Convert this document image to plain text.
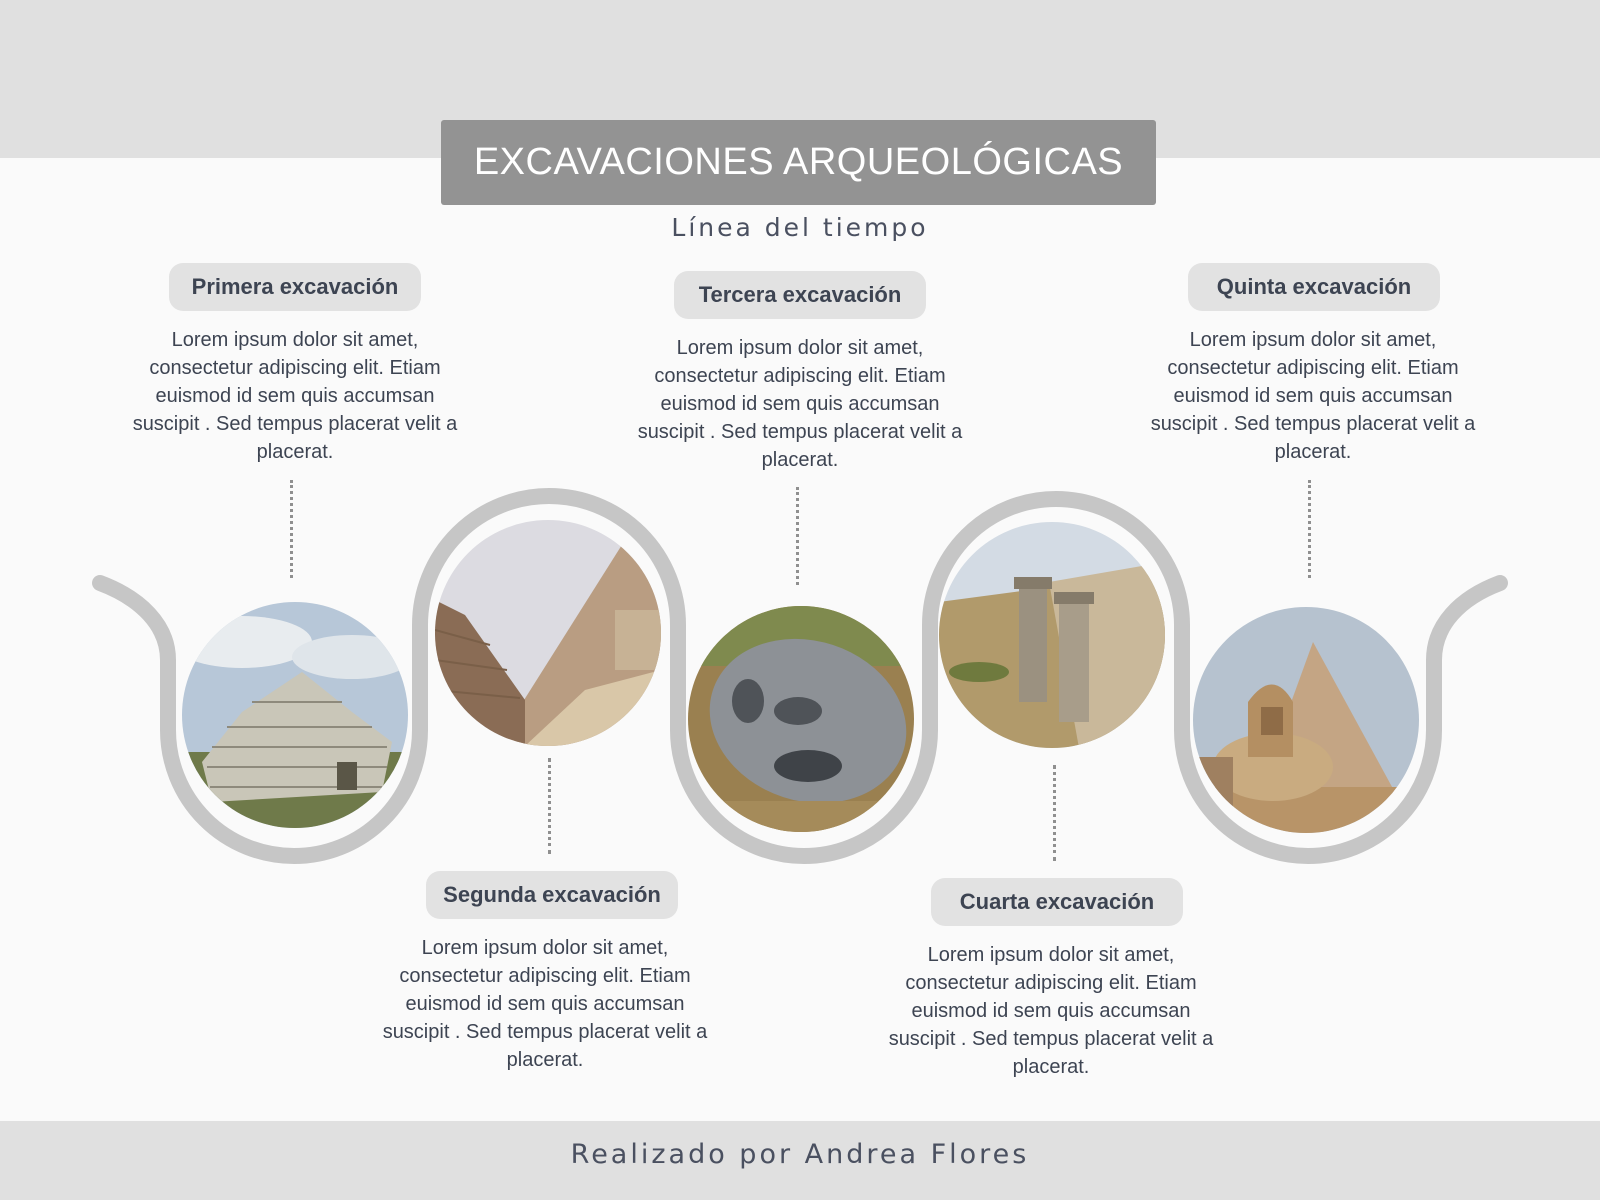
EXCAVACIONES ARQUEOLÓGICAS
Línea del tiempo
Primera excavación
Lorem ipsum dolor sit amet, consectetur adipiscing elit. Etiam euismod id sem quis accumsan suscipit . Sed tempus placerat velit a placerat.
Segunda excavación
Lorem ipsum dolor sit amet, consectetur adipiscing elit. Etiam euismod id sem quis accumsan suscipit . Sed tempus placerat velit a placerat.
Tercera excavación
Lorem ipsum dolor sit amet, consectetur adipiscing elit. Etiam euismod id sem quis accumsan suscipit . Sed tempus placerat velit a placerat.
Cuarta excavación
Lorem ipsum dolor sit amet, consectetur adipiscing elit. Etiam euismod id sem quis accumsan suscipit . Sed tempus placerat velit a placerat.
Quinta excavación
Lorem ipsum dolor sit amet, consectetur adipiscing elit. Etiam euismod id sem quis accumsan suscipit . Sed tempus placerat velit a placerat.
Realizado por Andrea Flores
